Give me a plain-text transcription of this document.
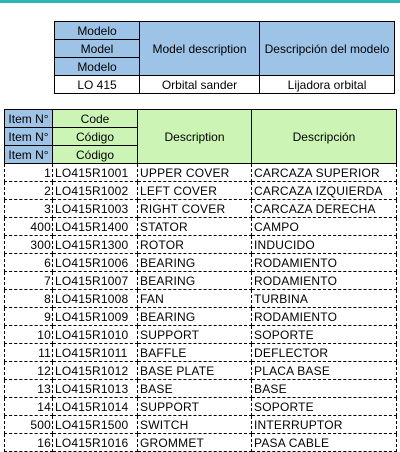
Modelo	Model description	Descripción del modelo
Model		
Modelo		
LO 415	Orbital sander	Lijadora orbital
Item N°	Code	Description	Descripción
Item N°	Código		
Item N°	Código		
1	LO415R1001	UPPER COVER	CARCAZA SUPERIOR
2	LO415R1002	LEFT COVER	CARCAZA IZQUIERDA
3	LO415R1003	RIGHT COVER	CARCAZA DERECHA
400	LO415R1400	STATOR	CAMPO
300	LO415R1300	ROTOR	INDUCIDO
6	LO415R1006	BEARING	RODAMIENTO
7	LO415R1007	BEARING	RODAMIENTO
8	LO415R1008	FAN	TURBINA
9	LO415R1009	BEARING	RODAMIENTO
10	LO415R1010	SUPPORT	SOPORTE
11	LO415R1011	BAFFLE	DEFLECTOR
12	LO415R1012	BASE PLATE	PLACA BASE
13	LO415R1013	BASE	BASE
14	LO415R1014	SUPPORT	SOPORTE
500	LO415R1500	SWITCH	INTERRUPTOR
16	LO415R1016	GROMMET	PASA CABLE
